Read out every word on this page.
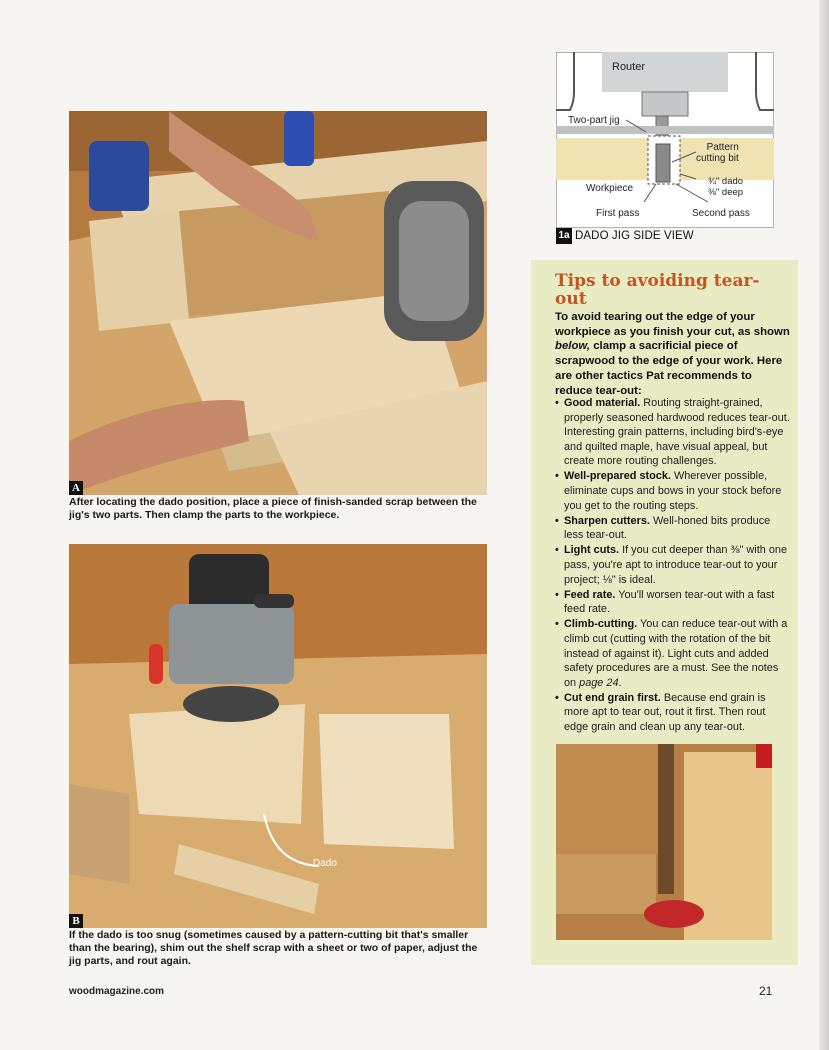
A

After locating the dado position, place a piece of finish-sanded scrap between the jig's two parts. Then clamp the parts to the workpiece.

Dado
B

If the dado is too snug (sometimes caused by a pattern-cutting bit that's smaller than the bearing), shim out the shelf scrap with a sheet or two of paper, adjust the jig parts, and rout again.

Router
Two-part jig
Pattern
cutting bit
Workpiece
¾" dado
⅜" deep
First pass	Second pass
1a DADO JIG SIDE VIEW
Tips to avoiding tear-out

To avoid tearing out the edge of your workpiece as you finish your cut, as shown below, clamp a sacrificial piece of scrapwood to the edge of your work. Here are other tactics Pat recommends to reduce tear-out:

• Good material. Routing straight-grained, properly seasoned hardwood reduces tear-out. Interesting grain patterns, including bird's-eye and quilted maple, have visual appeal, but create more routing challenges.
• Well-prepared stock. Wherever possible, eliminate cups and bows in your stock before you get to the routing steps.
• Sharpen cutters. Well-honed bits produce less tear-out.
• Light cuts. If you cut deeper than ⅜" with one pass, you're apt to introduce tear-out to your project; ⅛" is ideal.
• Feed rate. You'll worsen tear-out with a fast feed rate.
• Climb-cutting. You can reduce tear-out with a climb cut (cutting with the rotation of the bit instead of against it). Light cuts and added safety procedures are a must. See the notes on page 24.
• Cut end grain first. Because end grain is more apt to tear out, rout it first. Then rout edge grain and clean up any tear-out.
woodmagazine.com	21
